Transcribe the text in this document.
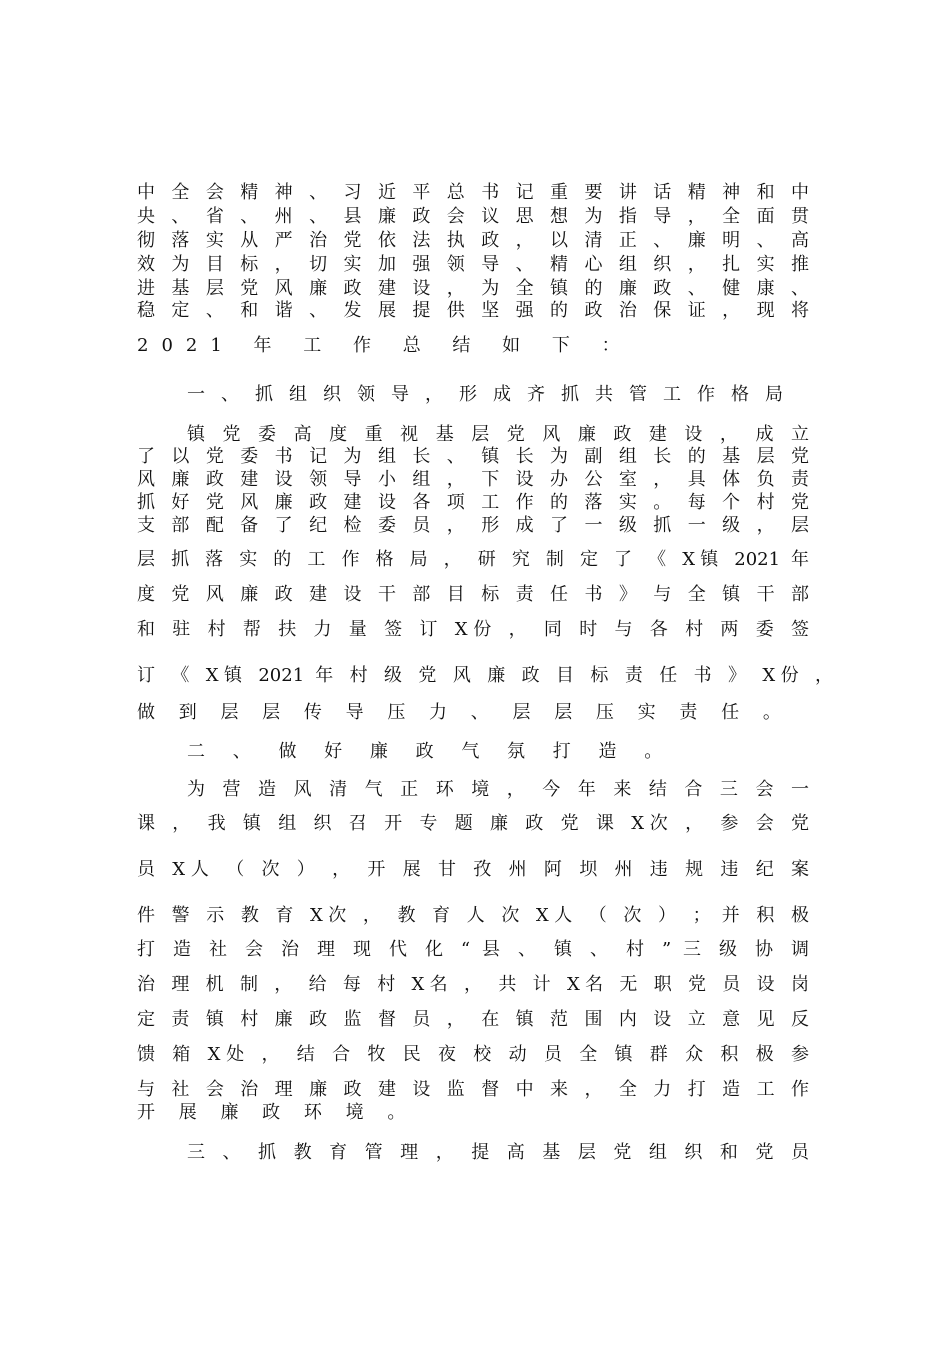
中 全 会 精 神 、 习 近 平 总 书 记 重 要 讲 话 精 神 和 中
央 、 省 、 州 、 县 廉 政 会 议 思 想 为 指 导 ， 全 面 贯
彻 落 实 从 严 治 党 依 法 执 政 ， 以 清 正 、 廉 明 、 高
效 为 目 标 ， 切 实 加 强 领 导 、 精 心 组 织 ， 扎 实 推
进 基 层 党 风 廉 政 建 设 ， 为 全 镇 的 廉 政 、 健 康 、
稳 定 、 和 谐 、 发 展 提 供 坚 强 的 政 治 保 证 ， 现 将
2021 年 工 作 总 结 如 下 ：
一 、 抓 组 织 领 导 ， 形 成 齐 抓 共 管 工 作 格 局
镇 党 委 高 度 重 视 基 层 党 风 廉 政 建 设 ， 成 立
了 以 党 委 书 记 为 组 长 、 镇 长 为 副 组 长 的 基 层 党
风 廉 政 建 设 领 导 小 组 ， 下 设 办 公 室 ， 具 体 负 责
抓 好 党 风 廉 政 建 设 各 项 工 作 的 落 实 。 每 个 村 党
支 部 配 备 了 纪 检 委 员 ， 形 成 了 一 级 抓 一 级 ， 层
层 抓 落 实 的 工 作 格 局 ， 研 究 制 定 了 《 X镇 2021 年
度 党 风 廉 政 建 设 干 部 目 标 责 任 书 》 与 全 镇 干 部
和 驻 村 帮 扶 力 量 签 订 X份 ， 同 时 与 各 村 两 委 签
订 《 X镇 2021 年 村 级 党 风 廉 政 目 标 责 任 书 》 X份 ，
做 到 层 层 传 导 压 力 、 层 层 压 实 责 任 。
二 、 做 好 廉 政 气 氛 打 造 。
为 营 造 风 清 气 正 环 境 ， 今 年 来 结 合 三 会 一
课 ， 我 镇 组 织 召 开 专 题 廉 政 党 课 X次 ， 参 会 党
员 X人 （ 次 ） ， 开 展 甘 孜 州 阿 坝 州 违 规 违 纪 案
件 警 示 教 育 X次 ， 教 育 人 次 X人 （ 次 ） ； 并 积 极
打 造 社 会 治 理 现 代 化 “ 县 、 镇 、 村 ” 三 级 协 调
治 理 机 制 ， 给 每 村 X名 ， 共 计 X名 无 职 党 员 设 岗
定 责 镇 村 廉 政 监 督 员 ， 在 镇 范 围 内 设 立 意 见 反
馈 箱 X处 ， 结 合 牧 民 夜 校 动 员 全 镇 群 众 积 极 参
与 社 会 治 理 廉 政 建 设 监 督 中 来 ， 全 力 打 造 工 作
开 展 廉 政 环 境 。
三 、 抓 教 育 管 理 ， 提 高 基 层 党 组 织 和 党 员
